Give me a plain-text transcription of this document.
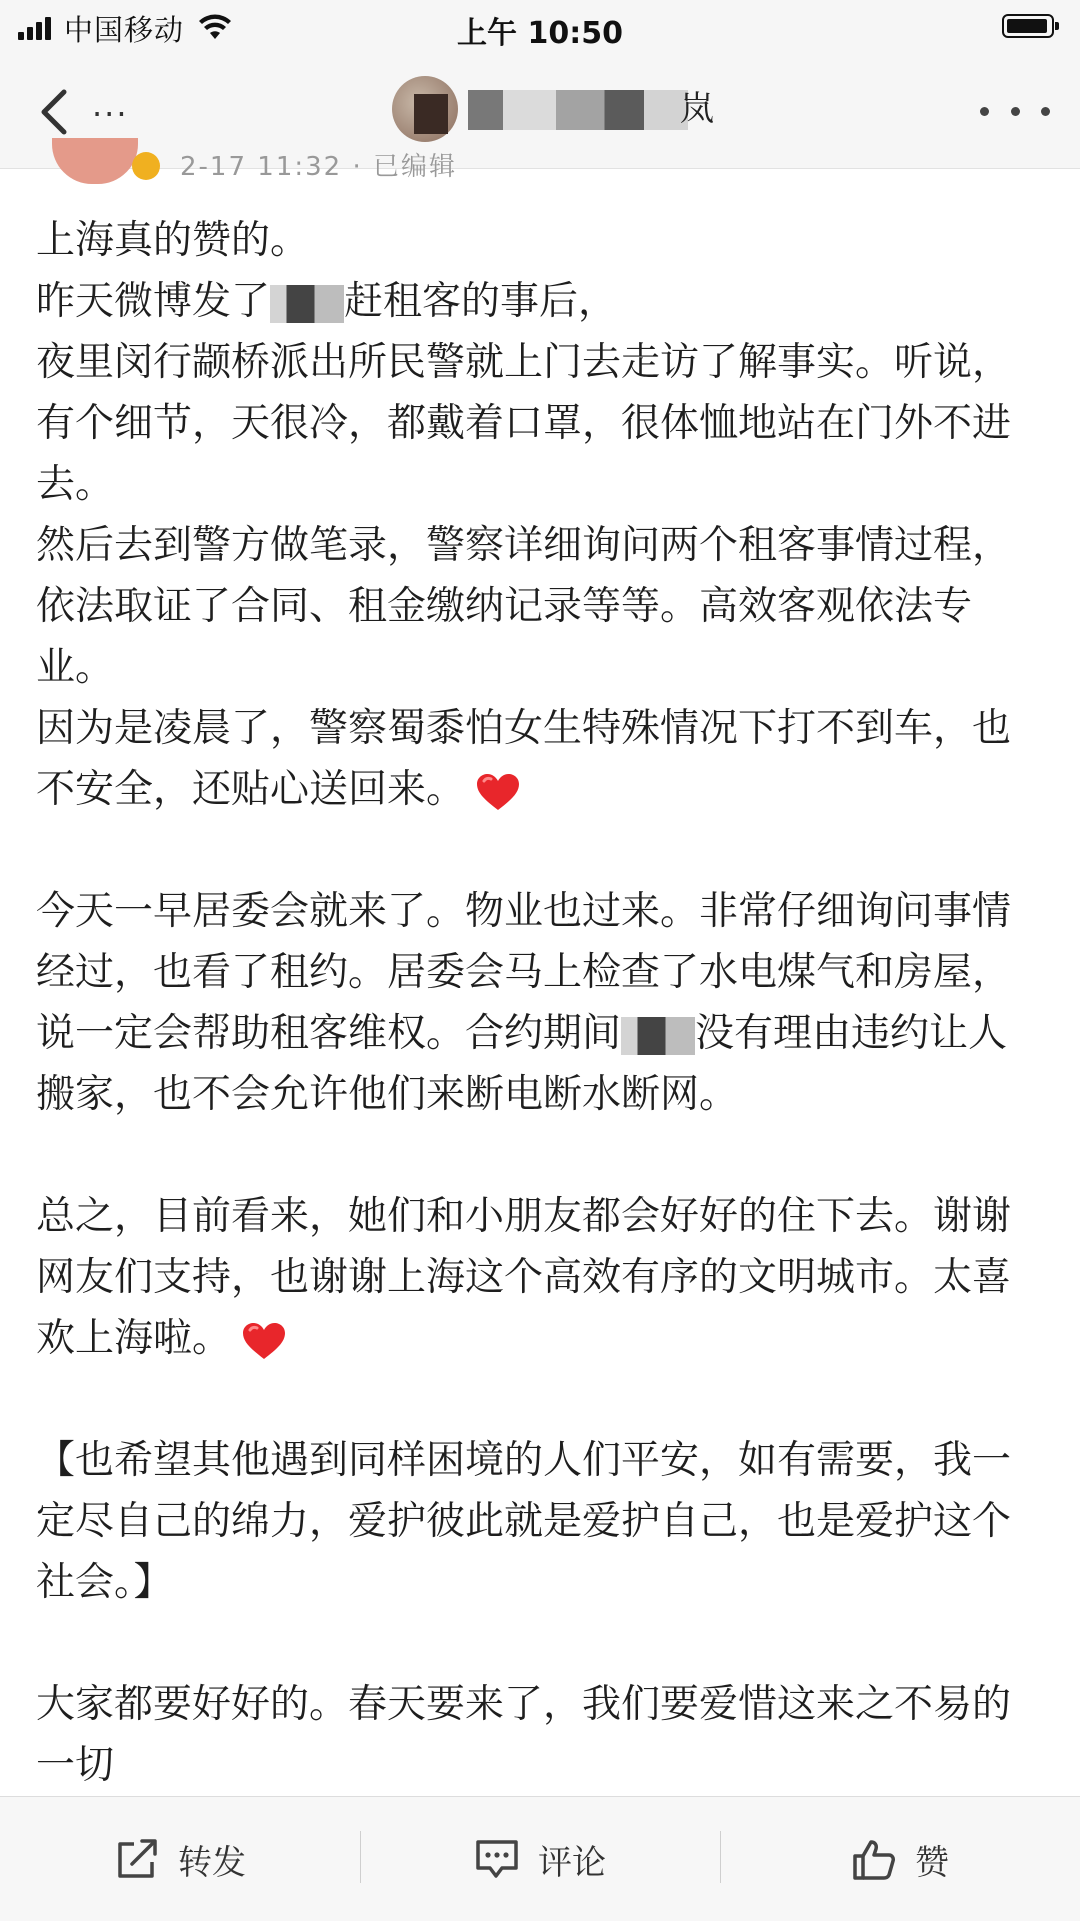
中国移动	上午 10:50
...	岚
2-17 11:32 · 已编辑

上海真的赞的。

昨天微博发了 赶租客的事后，

夜里闵行颛桥派出所民警就上门去走访了解事实。听说，有个细节，天很冷，都戴着口罩，很体恤地站在门外不进去。

然后去到警方做笔录，警察详细询问两个租客事情过程，依法取证了合同、租金缴纳记录等等。高效客观依法专业。

因为是凌晨了，警察蜀黍怕女生特殊情况下打不到车，也不安全，还贴心送回来。

今天一早居委会就来了。物业也过来。非常仔细询问事情经过，也看了租约。居委会马上检查了水电煤气和房屋，说一定会帮助租客维权。合约期间 没有理由违约让人搬家，也不会允许他们来断电断水断网。

总之，目前看来，她们和小朋友都会好好的住下去。谢谢网友们支持，也谢谢上海这个高效有序的文明城市。太喜欢上海啦。

【也希望其他遇到同样困境的人们平安，如有需要，我一定尽自己的绵力，爱护彼此就是爱护自己，也是爱护这个社会。】

大家都要好好的。春天要来了，我们要爱惜这来之不易的一切

转发	评论	赞
